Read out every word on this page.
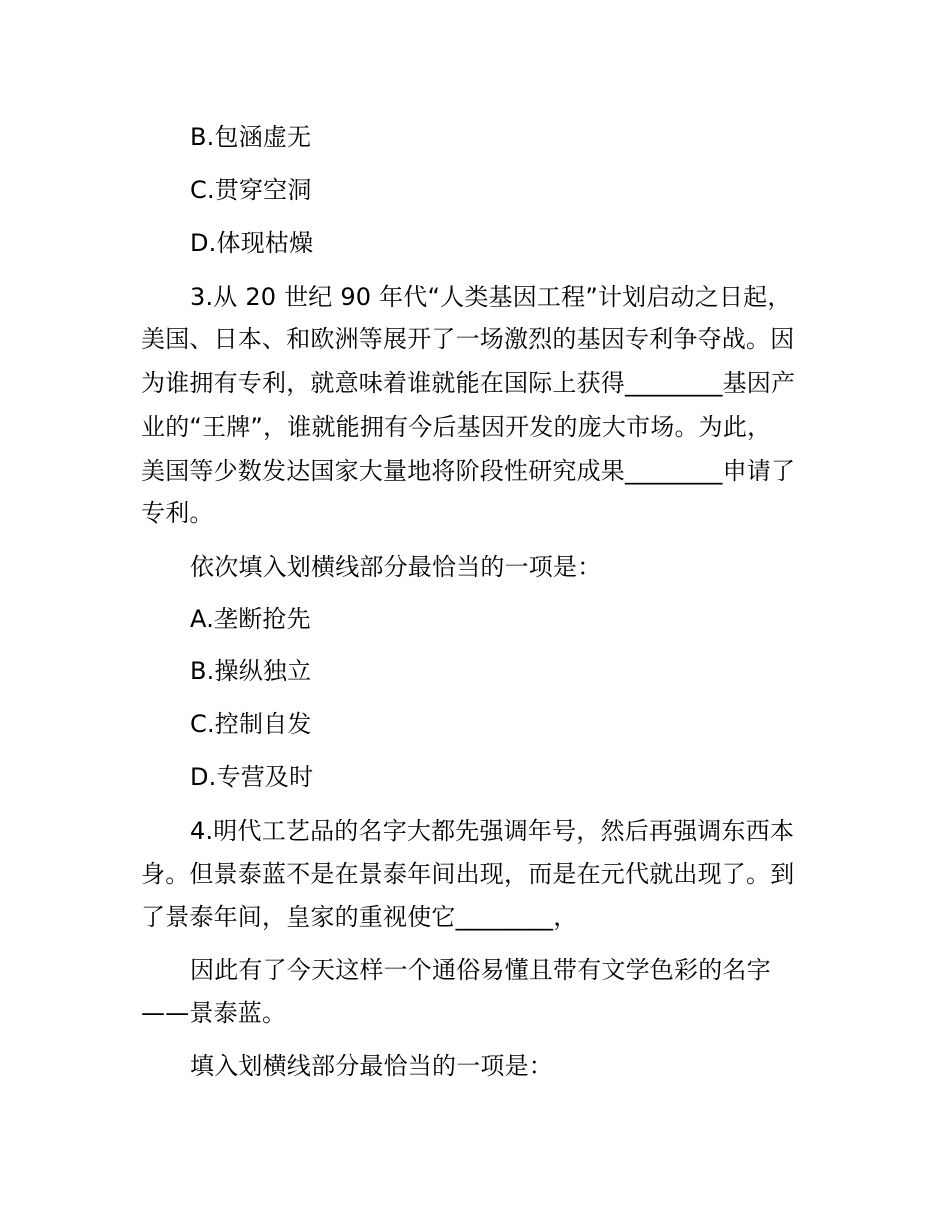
B.包涵虚无
C.贯穿空洞
D.体现枯燥
3.从 20 世纪 90 年代“人类基因工程”计划启动之日起，
美国、日本、和欧洲等展开了一场激烈的基因专利争夺战。因
为谁拥有专利，就意味着谁就能在国际上获得________基因产
业的“王牌”，谁就能拥有今后基因开发的庞大市场。为此，
美国等少数发达国家大量地将阶段性研究成果________申请了
专利。
依次填入划横线部分最恰当的一项是：
A.垄断抢先
B.操纵独立
C.控制自发
D.专营及时
4.明代工艺品的名字大都先强调年号，然后再强调东西本
身。但景泰蓝不是在景泰年间出现，而是在元代就出现了。到
了景泰年间，皇家的重视使它________，
因此有了今天这样一个通俗易懂且带有文学色彩的名字
——景泰蓝。
填入划横线部分最恰当的一项是：
